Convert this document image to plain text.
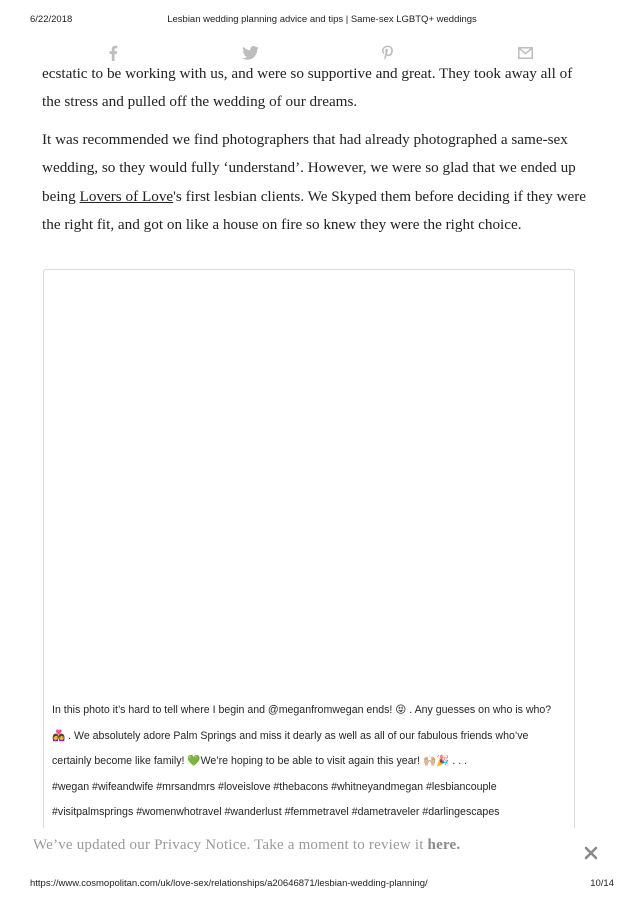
6/22/2018	Lesbian wedding planning advice and tips | Same-sex LGBTQ+ weddings

ecstatic to be working with us, and were so supportive and great. They took away all of
the stress and pulled off the wedding of our dreams.

It was recommended we find photographers that had already photographed a same-sex wedding, so they would fully ‘understand’. However, we were so glad that we ended up being Lovers of Love's first lesbian clients. We Skyped them before deciding if they were the right fit, and got on like a house on fire so knew they were the right choice.

In this photo it’s hard to tell where I begin and @meganfromwegan ends! 😝 . Any guesses on who is who? 👩‍❤️‍👩 . We absolutely adore Palm Springs and miss it dearly as well as all of our fabulous friends who’ve certainly become like family! 💚We’re hoping to be able to visit again this year! 🙌🏼🎉 . . .
#wegan #wifeandwife #mrsandmrs #loveislove #thebacons #whitneyandmegan #lesbiancouple
#visitpalmsprings #womenwhotravel #wanderlust #femmetravel #dametraveler #darlingescapes
We’ve updated our Privacy Notice. Take a moment to review it here.
https://www.cosmopolitan.com/uk/love-sex/relationships/a20646871/lesbian-wedding-planning/	10/14
